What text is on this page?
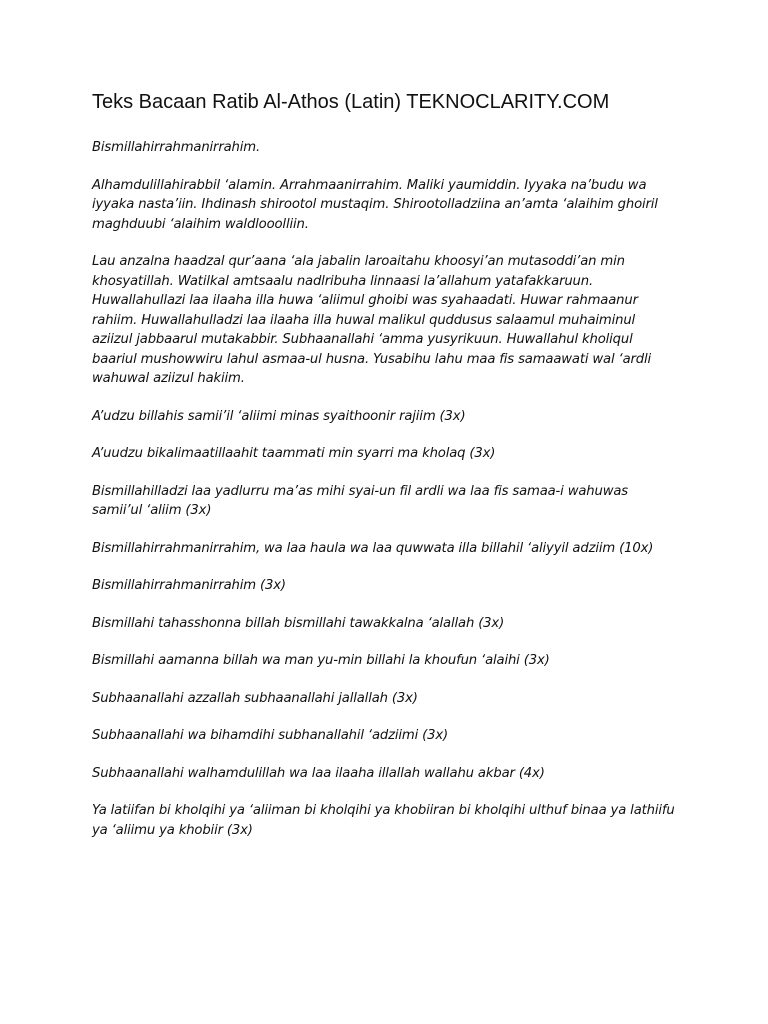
Teks Bacaan Ratib Al-Athos (Latin) TEKNOCLARITY.COM

Bismillahirrahmanirrahim.

Alhamdulillahirabbil ‘alamin. Arrahmaanirrahim. Maliki yaumiddin. Iyyaka na’budu wa iyyaka nasta’iin. Ihdinash shirootol mustaqim. Shirootolladziina an’amta ‘alaihim ghoiril maghduubi ‘alaihim waldlooolliin.

Lau anzalna haadzal qur’aana ‘ala jabalin laroaitahu khoosyi’an mutasoddi’an min khosyatillah. Watilkal amtsaalu nadlribuha linnaasi la’allahum yatafakkaruun. Huwallahullazi laa ilaaha illa huwa ‘aliimul ghoibi was syahaadati. Huwar rahmaanur rahiim. Huwallahulladzi laa ilaaha illa huwal malikul quddusus salaamul muhaiminul aziizul jabbaarul mutakabbir. Subhaanallahi ‘amma yusyrikuun. Huwallahul kholiqul baariul mushowwiru lahul asmaa-ul husna. Yusabihu lahu maa fis samaawati wal ‘ardli wahuwal aziizul hakiim.

A’udzu billahis samii’il ‘aliimi minas syaithoonir rajiim (3x)

A’uudzu bikalimaatillaahit taammati min syarri ma kholaq (3x)

Bismillahilladzi laa yadlurru ma’as mihi syai-un fil ardli wa laa fis samaa-i wahuwas samii’ul ‘aliim (3x)

Bismillahirrahmanirrahim, wa laa haula wa laa quwwata illa billahil ‘aliyyil adziim (10x)

Bismillahirrahmanirrahim (3x)

Bismillahi tahasshonna billah bismillahi tawakkalna ‘alallah (3x)

Bismillahi aamanna billah wa man yu-min billahi la khoufun ‘alaihi (3x)

Subhaanallahi azzallah subhaanallahi jallallah (3x)

Subhaanallahi wa bihamdihi subhanallahil ‘adziimi (3x)

Subhaanallahi walhamdulillah wa laa ilaaha illallah wallahu akbar (4x)

Ya latiifan bi kholqihi ya ‘aliiman bi kholqihi ya khobiiran bi kholqihi ulthuf binaa ya lathiifu ya ‘aliimu ya khobiir (3x)
